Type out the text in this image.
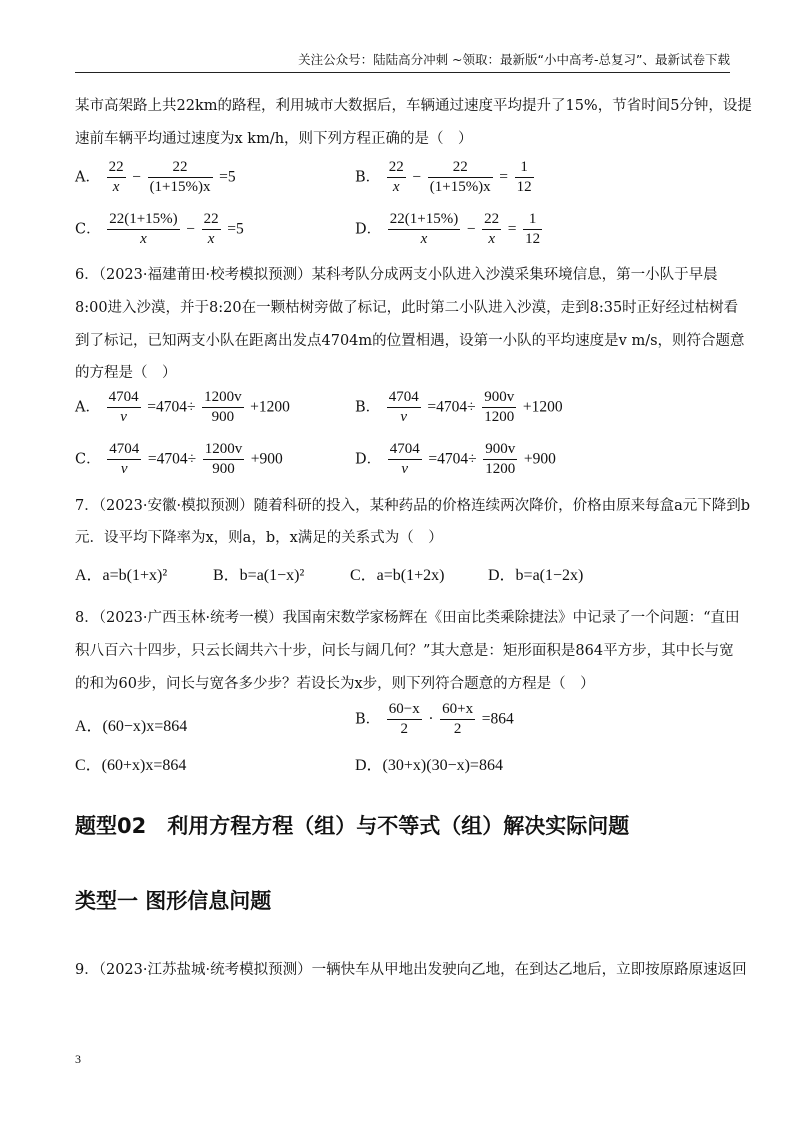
关注公众号：陆陆高分冲刺 ~领取：最新版“小中高考-总复习”、最新试卷下载
某市高架路上共22km的路程，利用城市大数据后，车辆通过速度平均提升了15%，节省时间5分钟，设提
速前车辆平均通过速度为x km/h，则下列方程正确的是（　）
A． $\frac{22}{x} - \frac{22}{(1+15\%)x} =5$	B． $\frac{22}{x} - \frac{22}{(1+15\%)x} = \frac{1}{12}$
C． $\frac{22(1+15\%)}{x} - \frac{22}{x} =5$	D． $\frac{22(1+15\%)}{x} - \frac{22}{x} = \frac{1}{12}$
6．（2023·福建莆田·校考模拟预测）某科考队分成两支小队进入沙漠采集环境信息，第一小队于早晨
8:00进入沙漠，并于8:20在一颗枯树旁做了标记，此时第二小队进入沙漠，走到8:35时正好经过枯树看
到了标记，已知两支小队在距离出发点4704m的位置相遇，设第一小队的平均速度是v m/s，则符合题意
的方程是（　）
A． $\frac{4704}{v} =4704\div \frac{1200v}{900} +1200$	B． $\frac{4704}{v} =4704\div \frac{900v}{1200} +1200$
C． $\frac{4704}{v} =4704\div \frac{1200v}{900} +900$	D． $\frac{4704}{v} =4704\div \frac{900v}{1200} +900$
7．（2023·安徽·模拟预测）随着科研的投入，某种药品的价格连续两次降价，价格由原来每盒a元下降到b
元．设平均下降率为x，则a，b，x满足的关系式为（　）
A．a=b(1+x)²	B．b=a(1−x)²	C．a=b(1+2x)	D．b=a(1−2x)
8．（2023·广西玉林·统考一模）我国南宋数学家杨辉在《田亩比类乘除捷法》中记录了一个问题：“直田
积八百六十四步，只云长阔共六十步，问长与阔几何？”其大意是：矩形面积是864平方步，其中长与宽
的和为60步，问长与宽各多少步？若设长为x步，则下列符合题意的方程是（　）
A．(60−x)x=864	B． $\frac{60-x}{2} \cdot \frac{60+x}{2} =864$
C．(60+x)x=864	D．(30+x)(30−x)=864
题型02　利用方程方程（组）与不等式（组）解决实际问题
类型一 图形信息问题
9．（2023·江苏盐城·统考模拟预测）一辆快车从甲地出发驶向乙地，在到达乙地后，立即按原路原速返回
3
